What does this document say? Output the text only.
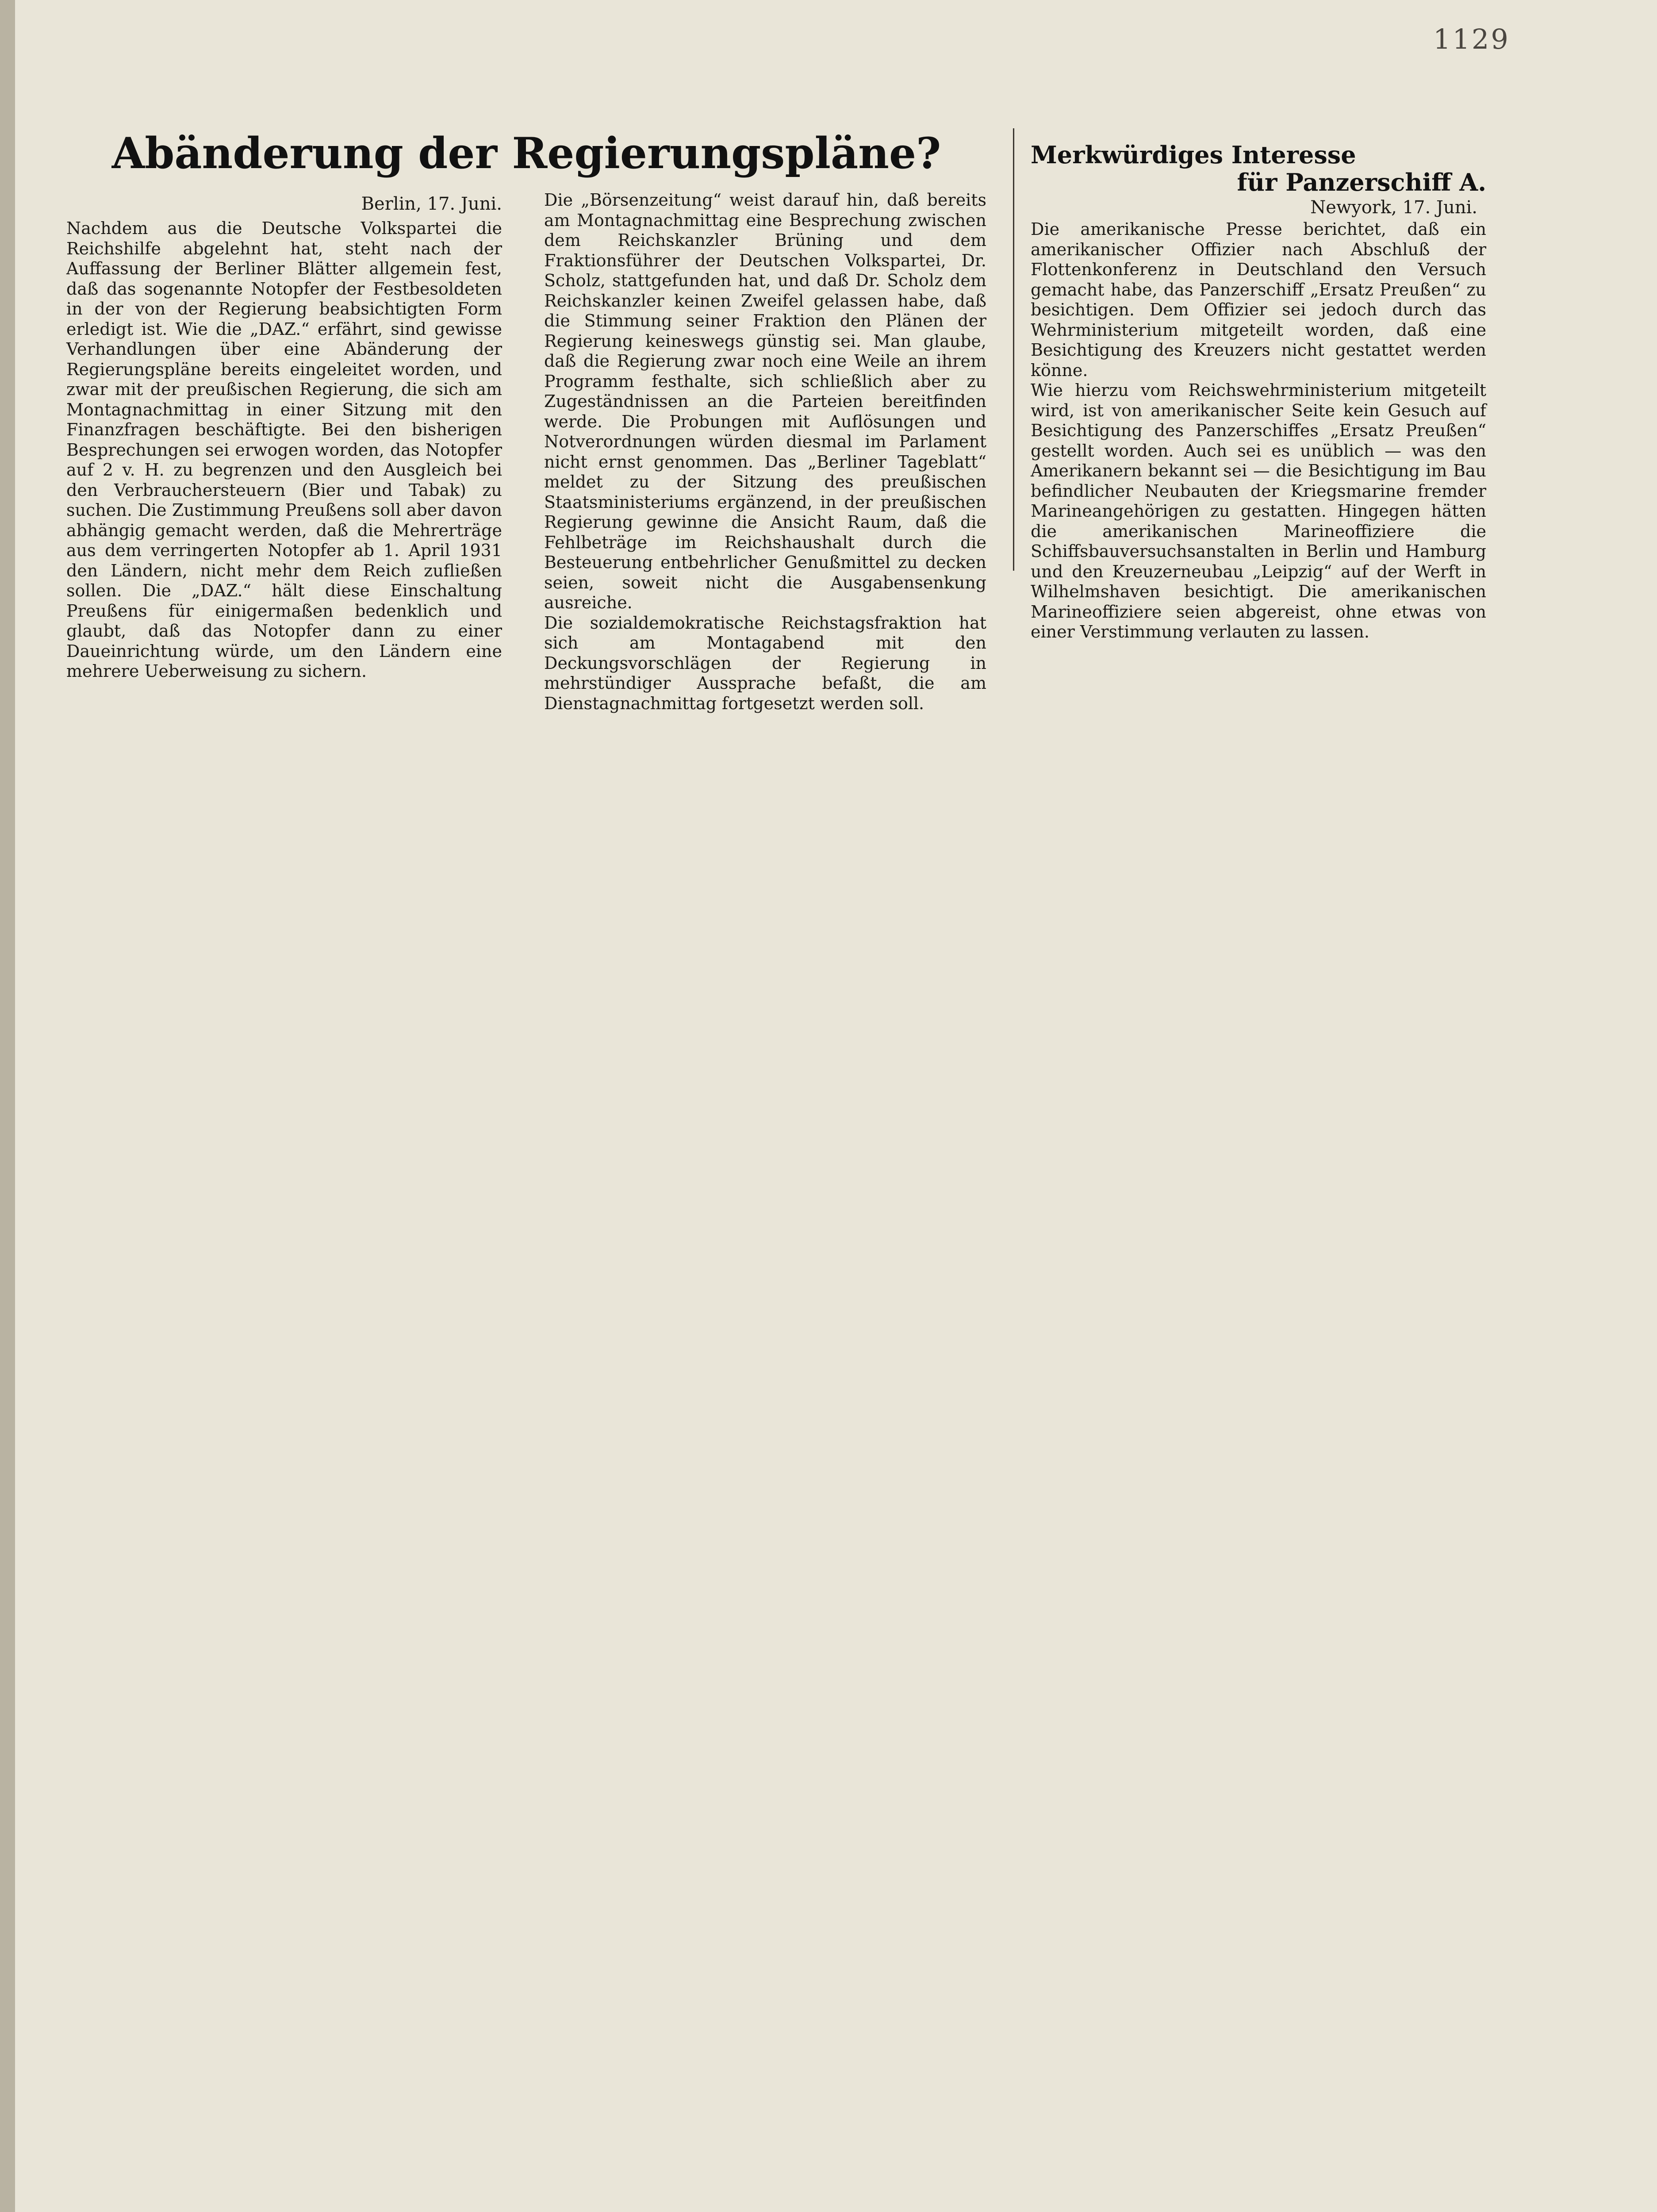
1129
Abänderung der Regierungspläne?
Berlin, 17. Juni.

Nachdem aus die Deutsche Volkspartei die Reichshilfe abgelehnt hat, steht nach der Auffassung der Berliner Blätter allgemein fest, daß das sogenannte Notopfer der Festbesoldeten in der von der Regierung beabsichtigten Form erledigt ist. Wie die „DAZ.“ erfährt, sind gewisse Verhandlungen über eine Abänderung der Regierungspläne bereits eingeleitet worden, und zwar mit der preußischen Regierung, die sich am Montagnachmittag in einer Sitzung mit den Finanzfragen beschäftigte. Bei den bisherigen Besprechungen sei erwogen worden, das Notopfer auf 2 v. H. zu begrenzen und den Ausgleich bei den Verbrauchersteuern (Bier und Tabak) zu suchen. Die Zustimmung Preußens soll aber davon abhängig gemacht werden, daß die Mehrerträge aus dem verringerten Notopfer ab 1. April 1931 den Ländern, nicht mehr dem Reich zufließen sollen. Die „DAZ.“ hält diese Einschaltung Preußens für einigermaßen bedenklich und glaubt, daß das Notopfer dann zu einer Daueinrichtung würde, um den Ländern eine mehrere Ueberweisung zu sichern.

Die „Börsenzeitung“ weist darauf hin, daß bereits am Montagnachmittag eine Besprechung zwischen dem Reichskanzler Brüning und dem Fraktionsführer der Deutschen Volkspartei, Dr. Scholz, stattgefunden hat, und daß Dr. Scholz dem Reichskanzler keinen Zweifel gelassen habe, daß die Stimmung seiner Fraktion den Plänen der Regierung keineswegs günstig sei. Man glaube, daß die Regierung zwar noch eine Weile an ihrem Programm festhalte, sich schließlich aber zu Zugeständnissen an die Parteien bereitfinden werde. Die Probungen mit Auflösungen und Notverordnungen würden diesmal im Parlament nicht ernst genommen. Das „Berliner Tageblatt“ meldet zu der Sitzung des preußischen Staatsministeriums ergänzend, in der preußischen Regierung gewinne die Ansicht Raum, daß die Fehlbeträge im Reichshaushalt durch die Besteuerung entbehrlicher Genußmittel zu decken seien, soweit nicht die Ausgabensenkung ausreiche.
Die sozialdemokratische Reichstagsfraktion hat sich am Montagabend mit den Deckungsvorschlägen der Regierung in mehrstündiger Aussprache befaßt, die am Dienstagnachmittag fortgesetzt werden soll.

Merkwürdiges Interesse
für Panzerschiff A.
Newyork, 17. Juni.

Die amerikanische Presse berichtet, daß ein amerikanischer Offizier nach Abschluß der Flottenkonferenz in Deutschland den Versuch gemacht habe, das Panzerschiff „Ersatz Preußen“ zu besichtigen. Dem Offizier sei jedoch durch das Wehrministerium mitgeteilt worden, daß eine Besichtigung des Kreuzers nicht gestattet werden könne.
Wie hierzu vom Reichswehrministerium mitgeteilt wird, ist von amerikanischer Seite kein Gesuch auf Besichtigung des Panzerschiffes „Ersatz Preußen“ gestellt worden. Auch sei es unüblich — was den Amerikanern bekannt sei — die Besichtigung im Bau befindlicher Neubauten der Kriegsmarine fremder Marineangehörigen zu gestatten. Hingegen hätten die amerikanischen Marineoffiziere die Schiffsbauversuchsanstalten in Berlin und Hamburg und den Kreuzerneubau „Leipzig“ auf der Werft in Wilhelmshaven besichtigt. Die amerikanischen Marineoffiziere seien abgereist, ohne etwas von einer Verstimmung verlauten zu lassen.
